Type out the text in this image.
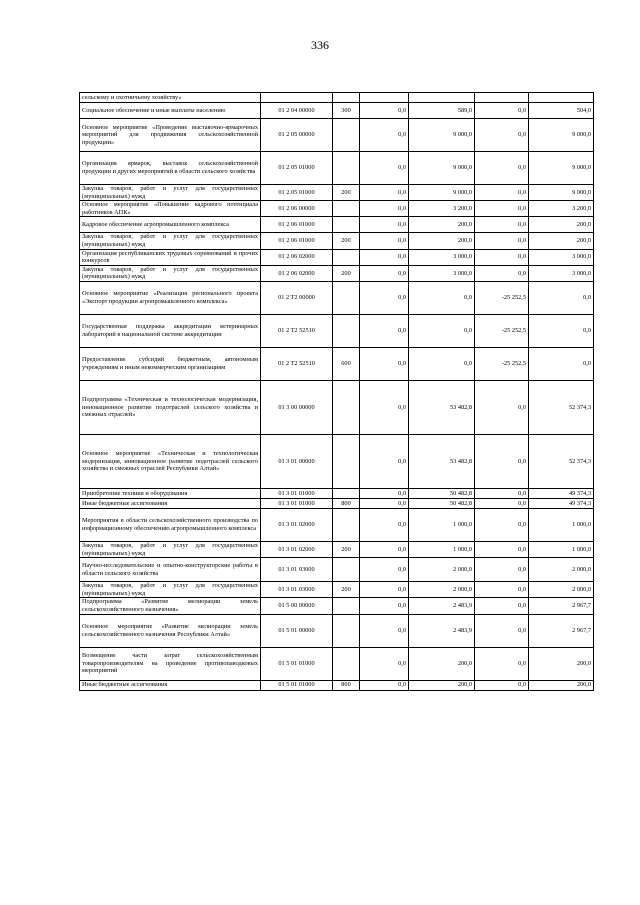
336
сельскому и охотничьему хозяйству»						
Социальное обеспечение и иные выплаты населению	01 2 04 00000	300	0,0	589,0	0,0	504,0
Основное мероприятие «Проведение выставочно-ярмарочных мероприятий для продвижения сельскохозяйственной продукции»	01 2 05 00000		0,0	9 000,0	0,0	9 000,0
Организация ярмарок, выставок сельскохозяйственной продукции и других мероприятий в области сельского хозяйства	01 2 05 01000		0,0	9 000,0	0,0	9 000,0
Закупка товаров, работ и услуг для государственных (муниципальных) нужд	01 2 05 01000	200	0,0	9 000,0	0,0	9 000,0
Основное мероприятие «Повышение кадрового потенциала работников АПК»	01 2 06 00000		0,0	3 200,0	0,0	3 200,0
Кадровое обеспечение агропромышленного комплекса	01 2 06 01000		0,0	200,0	0,0	200,0
Закупка товаров, работ и услуг для государственных (муниципальных) нужд	01 2 06 01000	200	0,0	200,0	0,0	200,0
Организация республиканских трудовых соревнований и прочих конкурсов	01 2 06 02000		0,0	3 000,0	0,0	3 000,0
Закупка товаров, работ и услуг для государственных (муниципальных) нужд	01 2 06 02000	200	0,0	3 000,0	0,0	3 000,0
Основное мероприятие «Реализация регионального проекта «Экспорт продукции агропромышленного комплекса»	01 2 T2 00000		0,0	0,0	-25 252,5	0,0
Государственная поддержка аккредитации ветеринарных лабораторий в национальной системе аккредитации	01 2 T2 52510		0,0	0,0	-25 252,5	0,0
Предоставление субсидий бюджетным, автономным учреждениям и иным некоммерческим организациям	01 2 T2 52510	600	0,0	0,0	-25 252,5	0,0
Подпрограмма «Техническая и технологическая модернизация, инновационное развитие подотраслей сельского хозяйства и смежных отраслей»	01 3 00 00000		0,0	53 482,8	0,0	52 374,3
Основное мероприятие «Техническая и технологическая модернизация, инновационное развитие подотраслей сельского хозяйства и смежных отраслей Республики Алтай»	01 3 01 00000		0,0	53 482,8	0,0	52 374,3
Приобретение техники и оборудования	01 3 01 01000		0,0	50 482,8	0,0	49 374,3
Иные бюджетные ассигнования	01 3 01 01000	800	0,0	50 482,8	0,0	49 374,3
Мероприятия в области сельскохозяйственного производства по информационному обеспечению агропромышленного комплекса	01 3 01 02000		0,0	1 000,0	0,0	1 000,0
Закупка товаров, работ и услуг для государственных (муниципальных) нужд	01 3 01 02000	200	0,0	1 000,0	0,0	1 000,0
Научно-исследовательские и опытно-конструкторские работы в области сельского хозяйства	01 3 01 03000		0,0	2 000,0	0,0	2 000,0
Закупка товаров, работ и услуг для государственных (муниципальных) нужд	01 3 01 03000	200	0,0	2 000,0	0,0	2 000,0
Подпрограмма «Развитие мелиорации земель сельскохозяйственного назначения»	01 5 00 00000		0,0	2 483,9	0,0	2 967,7
Основное мероприятие «Развитие мелиорации земель сельскохозяйственного назначения Республики Алтай»	01 5 01 00000		0,0	2 483,9	0,0	2 967,7
Возмещение части затрат сельскохозяйственным товаропроизводителям на проведение противопаводковых мероприятий	01 5 01 01000		0,0	200,0	0,0	200,0
Иные бюджетные ассигнования	01 5 01 01000	800	0,0	200,0	0,0	200,0
